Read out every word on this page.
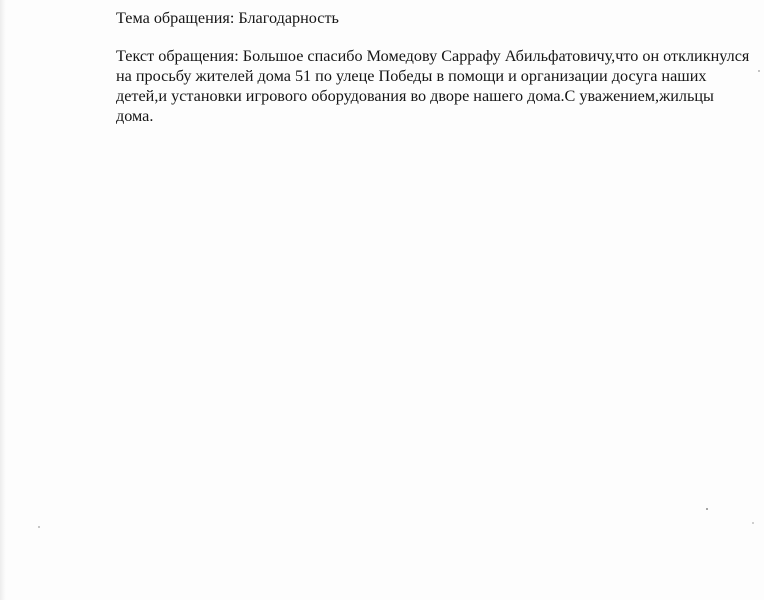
Тема обращения: Благодарность

Текст обращения: Большое спасибо Момедову Саррафу Абильфатовичу,что он откликнулся

на просьбу жителей дома 51 по улеце Победы в помощи и организации досуга наших

детей,и установки игрового оборудования во дворе нашего дома.С уважением,жильцы

дома.
